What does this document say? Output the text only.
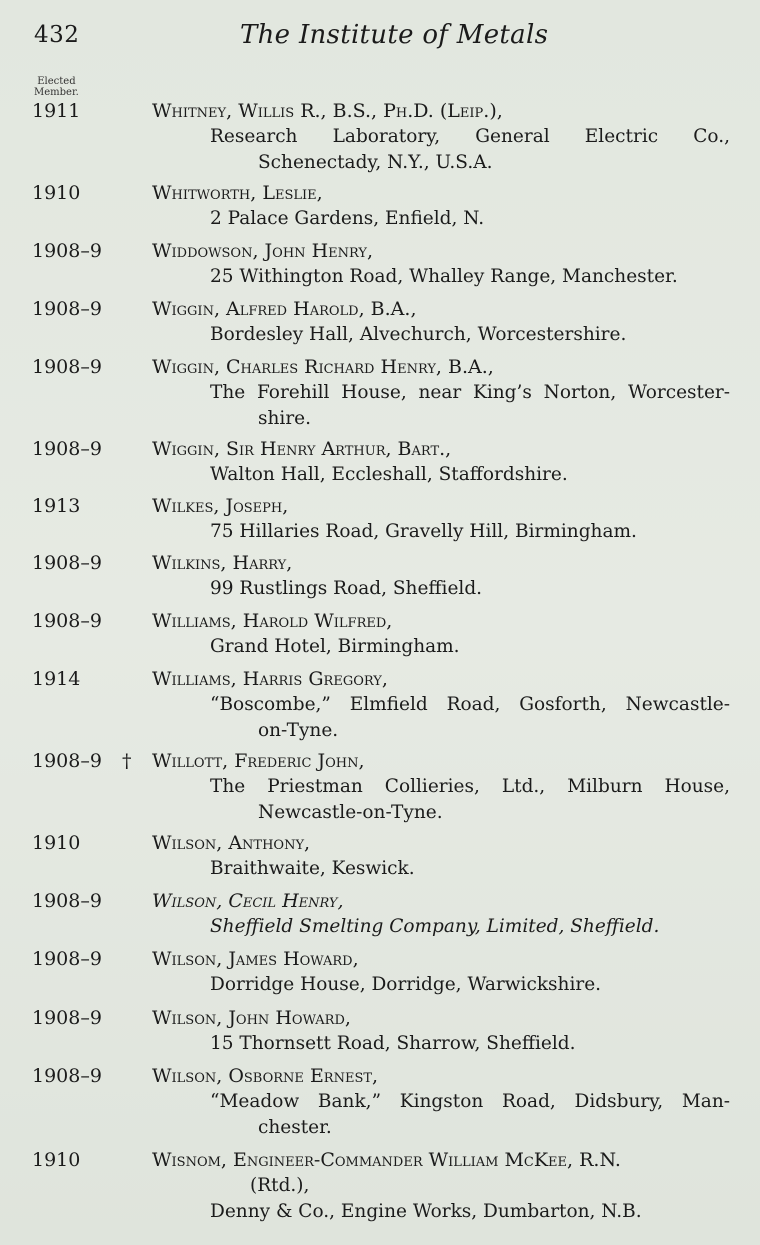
432	The Institute of Metals
Elected
Member.
1911	Whitney, Willis R., B.S., Ph.D. (Leip.),
Research Laboratory, General Electric Co.,
Schenectady, N.Y., U.S.A.
1910	Whitworth, Leslie,
2 Palace Gardens, Enfield, N.
1908–9	Widdowson, John Henry,
25 Withington Road, Whalley Range, Manchester.
1908–9	Wiggin, Alfred Harold, B.A.,
Bordesley Hall, Alvechurch, Worcestershire.
1908–9	Wiggin, Charles Richard Henry, B.A.,
The Forehill House, near King’s Norton, Worcester-
shire.
1908–9	Wiggin, Sir Henry Arthur, Bart.,
Walton Hall, Eccleshall, Staffordshire.
1913	Wilkes, Joseph,
75 Hillaries Road, Gravelly Hill, Birmingham.
1908–9	Wilkins, Harry,
99 Rustlings Road, Sheffield.
1908–9	Williams, Harold Wilfred,
Grand Hotel, Birmingham.
1914	Williams, Harris Gregory,
“Boscombe,” Elmfield Road, Gosforth, Newcastle-
on-Tyne.
1908–9 † Willott, Frederic John,
The Priestman Collieries, Ltd., Milburn House,
Newcastle-on-Tyne.
1910	Wilson, Anthony,
Braithwaite, Keswick.
1908–9	Wilson, Cecil Henry,
Sheffield Smelting Company, Limited, Sheffield.
1908–9	Wilson, James Howard,
Dorridge House, Dorridge, Warwickshire.
1908–9	Wilson, John Howard,
15 Thornsett Road, Sharrow, Sheffield.
1908–9	Wilson, Osborne Ernest,
“Meadow Bank,” Kingston Road, Didsbury, Man-
chester.
1910	Wisnom, Engineer-Commander William McKee, R.N.
(Rtd.),
Denny & Co., Engine Works, Dumbarton, N.B.
